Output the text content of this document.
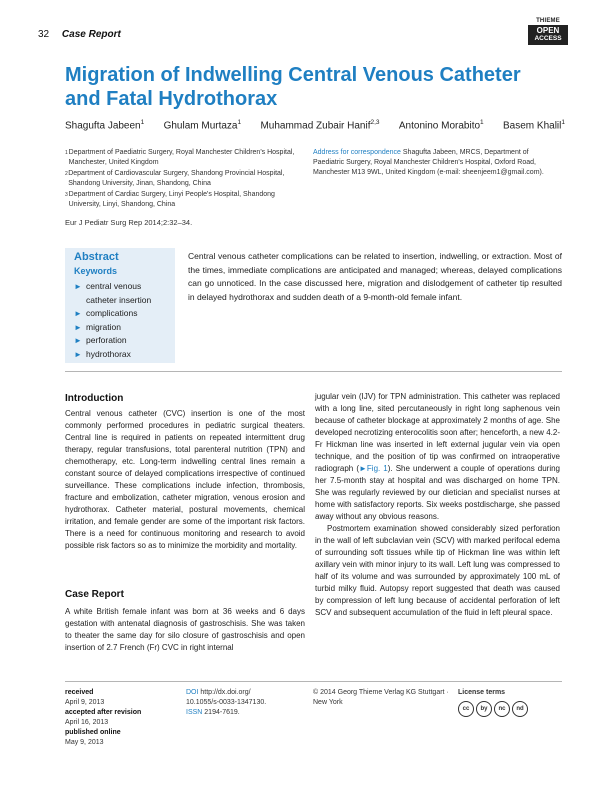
32 Case Report
THIEME
OPEN
ACCESS
Migration of Indwelling Central Venous Catheter and Fatal Hydrothorax
Shagufta Jabeen$^1$ Ghulam Murtaza$^1$ Muhammad Zubair Hanif$^{2,3}$ Antonino Morabito$^1$ Basem Khalil$^1$
1 Department of Paediatric Surgery, Royal Manchester Children's Hospital, Manchester, United Kingdom
2 Department of Cardiovascular Surgery, Shandong Provincial Hospital, Shandong University, Jinan, Shandong, China
3 Department of Cardiac Surgery, Linyi People's Hospital, Shandong University, Linyi, Shandong, China
Address for correspondence Shagufta Jabeen, MRCS, Department of Paediatric Surgery, Royal Manchester Children's Hospital, Oxford Road, Manchester M13 9WL, United Kingdom (e-mail: sheenjeem1@gmail.com).
Eur J Pediatr Surg Rep 2014;2:32–34.
Abstract
Keywords
► central venous catheter insertion
► complications
► migration
► perforation
► hydrothorax
Central venous catheter complications can be related to insertion, indwelling, or extraction. Most of the times, immediate complications are anticipated and managed; whereas, delayed complications can go unnoticed. In the case discussed here, migration and dislodgement of catheter tip resulted in delayed hydrothorax and sudden death of a 9-month-old female infant.
Introduction
Central venous catheter (CVC) insertion is one of the most commonly performed procedures in pediatric surgical theaters. Central line is required in patients on repeated intermittent drug therapy, regular transfusions, total parenteral nutrition (TPN) and chemotherapy, etc. Long-term indwelling central lines remain a constant source of delayed complications irrespective of continued surveillance. These complications include infection, thrombosis, fracture and embolization, catheter migration, venous erosion and hydrothorax. Catheter material, postural movements, chemical irritation, and female gender are some of the important risk factors. There is a need for continuous monitoring and research to avoid possible risk factors so as to minimize the morbidity and mortality.
Case Report
A white British female infant was born at 36 weeks and 6 days gestation with antenatal diagnosis of gastroschisis. She was taken to theater the same day for silo closure of gastroschisis and open insertion of 2.7 French (Fr) CVC in right internal

jugular vein (IJV) for TPN administration. This catheter was replaced with a long line, sited percutaneously in right long saphenous vein because of catheter blockage at approximately 2 months of age. She developed necrotizing enterocolitis soon after; henceforth, a new 4.2-Fr Hickman line was inserted in left external jugular vein via open technique, and the position of tip was confirmed on intraoperative radiograph (►Fig. 1). She underwent a couple of operations during her 7.5-month stay at hospital and was discharged on home TPN. She was regularly reviewed by our dietician and specialist nurses at home with satisfactory reports. Six weeks postdischarge, she passed away without any obvious reasons.

Postmortem examination showed considerably sized perforation in the wall of left subclavian vein (SCV) with marked perifocal edema of surrounding soft tissues while tip of Hickman line was within left axillary vein with minor injury to its wall. Left lung was compressed to half of its volume and was surrounded by approximately 100 mL of turbid milky fluid. Autopsy report suggested that death was caused by compression of left lung because of accidental perforation of left SCV and subsequent accumulation of the fluid in left pleural space.

received
April 9, 2013
accepted after revision
April 16, 2013
published online
May 9, 2013
DOI http://dx.doi.org/
10.1055/s-0033-1347130.
ISSN 2194-7619.
© 2014 Georg Thieme Verlag KG Stuttgart · New York
License terms
cc	by	nc	nd
